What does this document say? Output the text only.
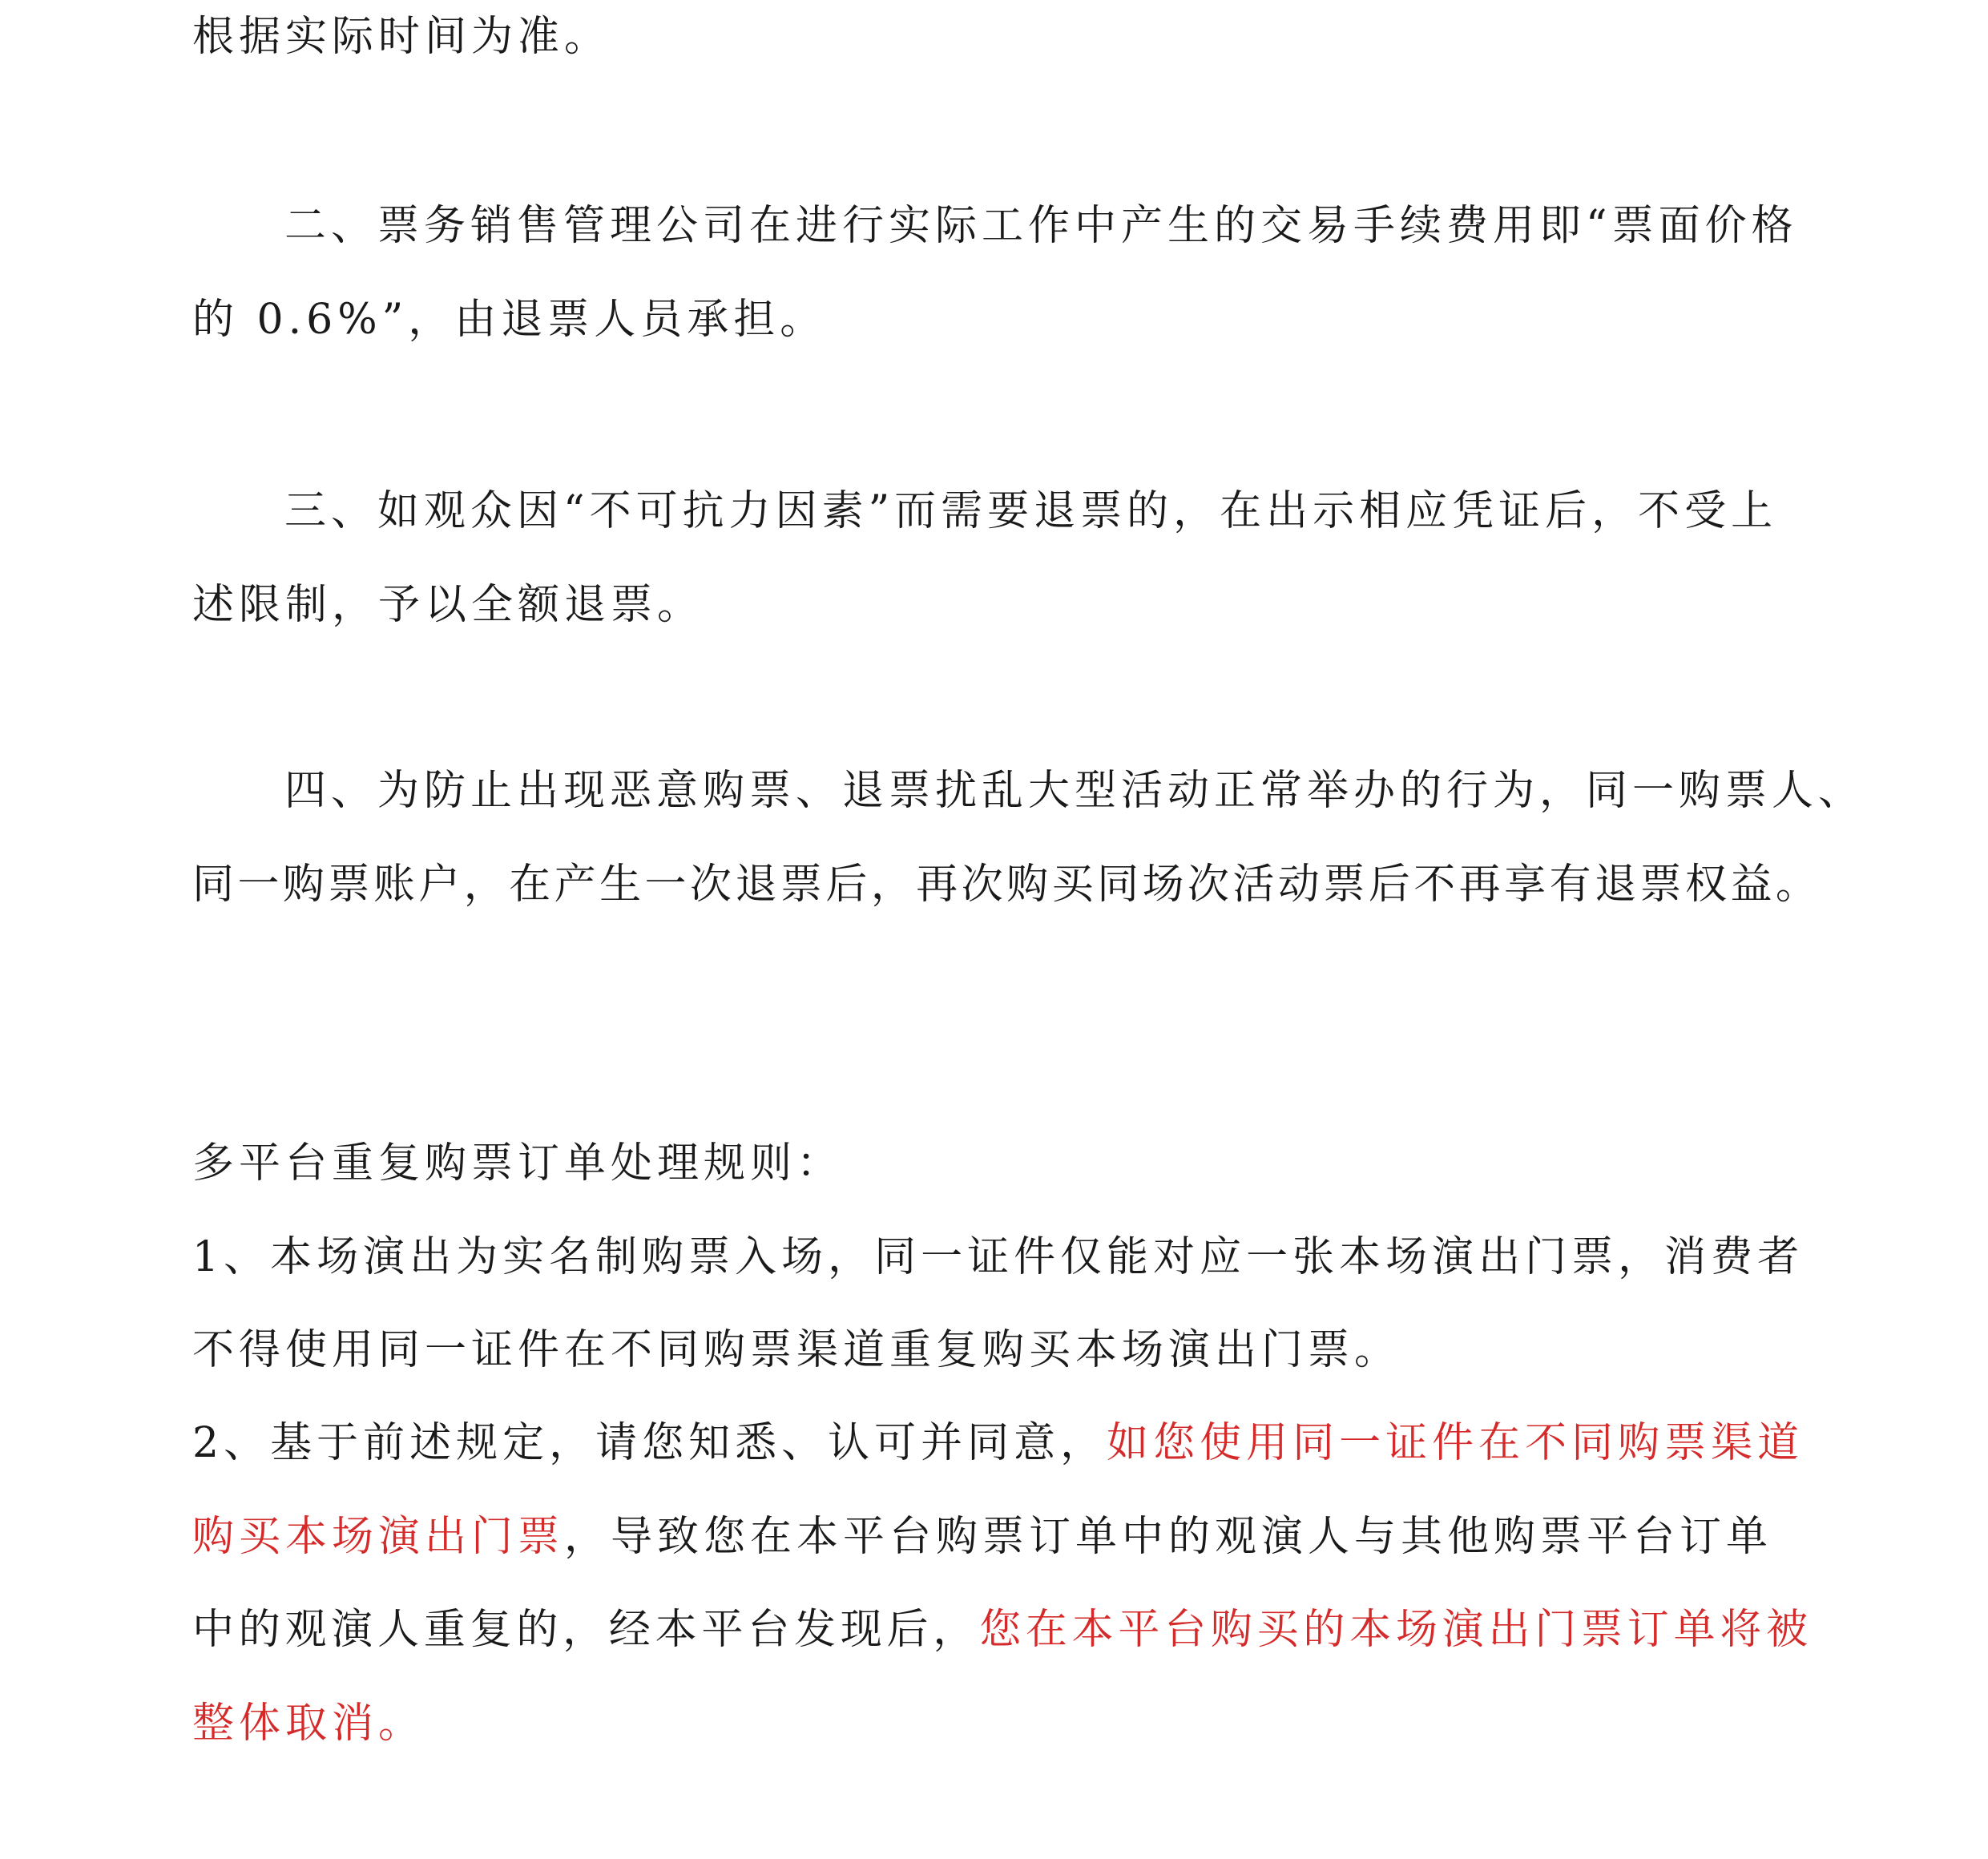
根据实际时间为准。
二、票务销售管理公司在进行实际工作中产生的交易手续费用即“票面价格
的 0.6%”，由退票人员承担。
三、如观众因“不可抗力因素”而需要退票的，在出示相应凭证后，不受上
述限制，予以全额退票。
四、为防止出现恶意购票、退票扰乱大型活动正常举办的行为，同一购票人、
同一购票账户，在产生一次退票后，再次购买同场次活动票后不再享有退票权益。
多平台重复购票订单处理规则：
1、本场演出为实名制购票入场，同一证件仅能对应一张本场演出门票，消费者
不得使用同一证件在不同购票渠道重复购买本场演出门票。
2、基于前述规定，请您知悉、认可并同意，如您使用同一证件在不同购票渠道
购买本场演出门票，导致您在本平台购票订单中的观演人与其他购票平台订单
中的观演人重复的，经本平台发现后，您在本平台购买的本场演出门票订单将被
整体取消。
